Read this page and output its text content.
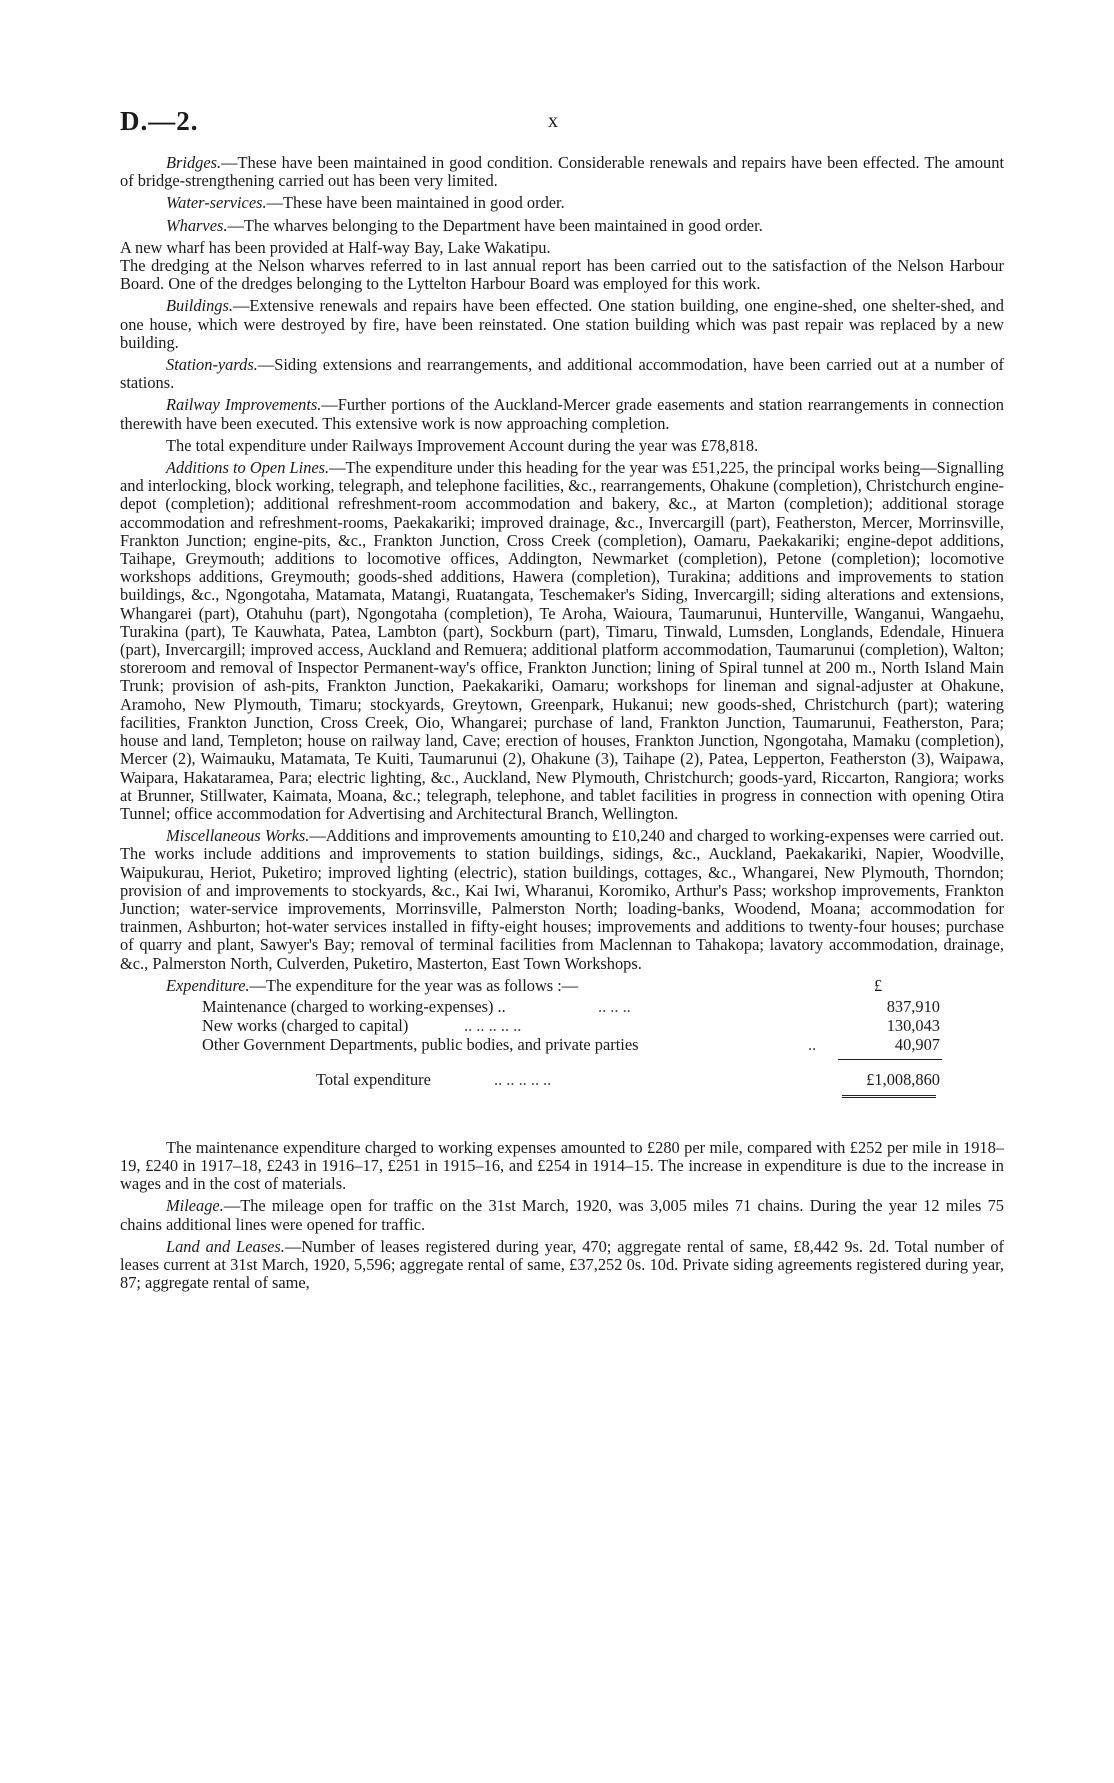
D.—2.	x

Bridges.—These have been maintained in good condition. Considerable renewals and repairs have been effected. The amount of bridge-strengthening carried out has been very limited.

Water-services.—These have been maintained in good order.

Wharves.—The wharves belonging to the Department have been maintained in good order.

A new wharf has been provided at Half-way Bay, Lake Wakatipu.

The dredging at the Nelson wharves referred to in last annual report has been carried out to the satisfaction of the Nelson Harbour Board. One of the dredges belonging to the Lyttelton Harbour Board was employed for this work.

Buildings.—Extensive renewals and repairs have been effected. One station building, one engine-shed, one shelter-shed, and one house, which were destroyed by fire, have been reinstated. One station building which was past repair was replaced by a new building.

Station-yards.—Siding extensions and rearrangements, and additional accommodation, have been carried out at a number of stations.

Railway Improvements.—Further portions of the Auckland-Mercer grade easements and station rearrangements in connection therewith have been executed. This extensive work is now approaching completion.

The total expenditure under Railways Improvement Account during the year was £78,818.

Additions to Open Lines.—The expenditure under this heading for the year was £51,225, the principal works being—Signalling and interlocking, block working, telegraph, and telephone facilities, &c., rearrangements, Ohakune (completion), Christchurch engine-depot (completion); additional refreshment-room accommodation and bakery, &c., at Marton (completion); additional storage accommodation and refreshment-rooms, Paekakariki; improved drainage, &c., Invercargill (part), Featherston, Mercer, Morrinsville, Frankton Junction; engine-pits, &c., Frankton Junction, Cross Creek (completion), Oamaru, Paekakariki; engine-depot additions, Taihape, Greymouth; additions to locomotive offices, Addington, Newmarket (completion), Petone (completion); locomotive workshops additions, Greymouth; goods-shed additions, Hawera (completion), Turakina; additions and improvements to station buildings, &c., Ngongotaha, Matamata, Matangi, Ruatangata, Teschemaker's Siding, Invercargill; siding alterations and extensions, Whangarei (part), Otahuhu (part), Ngongotaha (completion), Te Aroha, Waioura, Taumarunui, Hunterville, Wanganui, Wangaehu, Turakina (part), Te Kauwhata, Patea, Lambton (part), Sockburn (part), Timaru, Tinwald, Lumsden, Longlands, Edendale, Hinuera (part), Invercargill; improved access, Auckland and Remuera; additional platform accommodation, Taumarunui (completion), Walton; storeroom and removal of Inspector Permanent-way's office, Frankton Junction; lining of Spiral tunnel at 200 m., North Island Main Trunk; provision of ash-pits, Frankton Junction, Paekakariki, Oamaru; workshops for lineman and signal-adjuster at Ohakune, Aramoho, New Plymouth, Timaru; stockyards, Greytown, Greenpark, Hukanui; new goods-shed, Christchurch (part); watering facilities, Frankton Junction, Cross Creek, Oio, Whangarei; purchase of land, Frankton Junction, Taumarunui, Featherston, Para; house and land, Templeton; house on railway land, Cave; erection of houses, Frankton Junction, Ngongotaha, Mamaku (completion), Mercer (2), Waimauku, Matamata, Te Kuiti, Taumarunui (2), Ohakune (3), Taihape (2), Patea, Lepperton, Featherston (3), Waipawa, Waipara, Hakataramea, Para; electric lighting, &c., Auckland, New Plymouth, Christchurch; goods-yard, Riccarton, Rangiora; works at Brunner, Stillwater, Kaimata, Moana, &c.; telegraph, telephone, and tablet facilities in progress in connection with opening Otira Tunnel; office accommodation for Advertising and Architectural Branch, Wellington.

Miscellaneous Works.—Additions and improvements amounting to £10,240 and charged to working-expenses were carried out. The works include additions and improvements to station buildings, sidings, &c., Auckland, Paekakariki, Napier, Woodville, Waipukurau, Heriot, Puketiro; improved lighting (electric), station buildings, cottages, &c., Whangarei, New Plymouth, Thorndon; provision of and improvements to stockyards, &c., Kai Iwi, Wharanui, Koromiko, Arthur's Pass; workshop improvements, Frankton Junction; water-service improvements, Morrinsville, Palmerston North; loading-banks, Woodend, Moana; accommodation for trainmen, Ashburton; hot-water services installed in fifty-eight houses; improvements and additions to twenty-four houses; purchase of quarry and plant, Sawyer's Bay; removal of terminal facilities from Maclennan to Tahakopa; lavatory accommodation, drainage, &c., Palmerston North, Culverden, Puketiro, Masterton, East Town Workshops.

Expenditure.—The expenditure for the year was as follows :—	£
Maintenance (charged to working-expenses) ..	.. .. ..	837,910
New works (charged to capital)	.. .. .. .. ..	130,043
Other Government Departments, public bodies, and private parties	..	40,907
Total expenditure	.. .. .. .. ..	£1,008,860

The maintenance expenditure charged to working expenses amounted to £280 per mile, compared with £252 per mile in 1918–19, £240 in 1917–18, £243 in 1916–17, £251 in 1915–16, and £254 in 1914–15. The increase in expenditure is due to the increase in wages and in the cost of materials.

Mileage.—The mileage open for traffic on the 31st March, 1920, was 3,005 miles 71 chains. During the year 12 miles 75 chains additional lines were opened for traffic.

Land and Leases.—Number of leases registered during year, 470; aggregate rental of same, £8,442 9s. 2d. Total number of leases current at 31st March, 1920, 5,596; aggregate rental of same, £37,252 0s. 10d. Private siding agreements registered during year, 87; aggregate rental of same,
